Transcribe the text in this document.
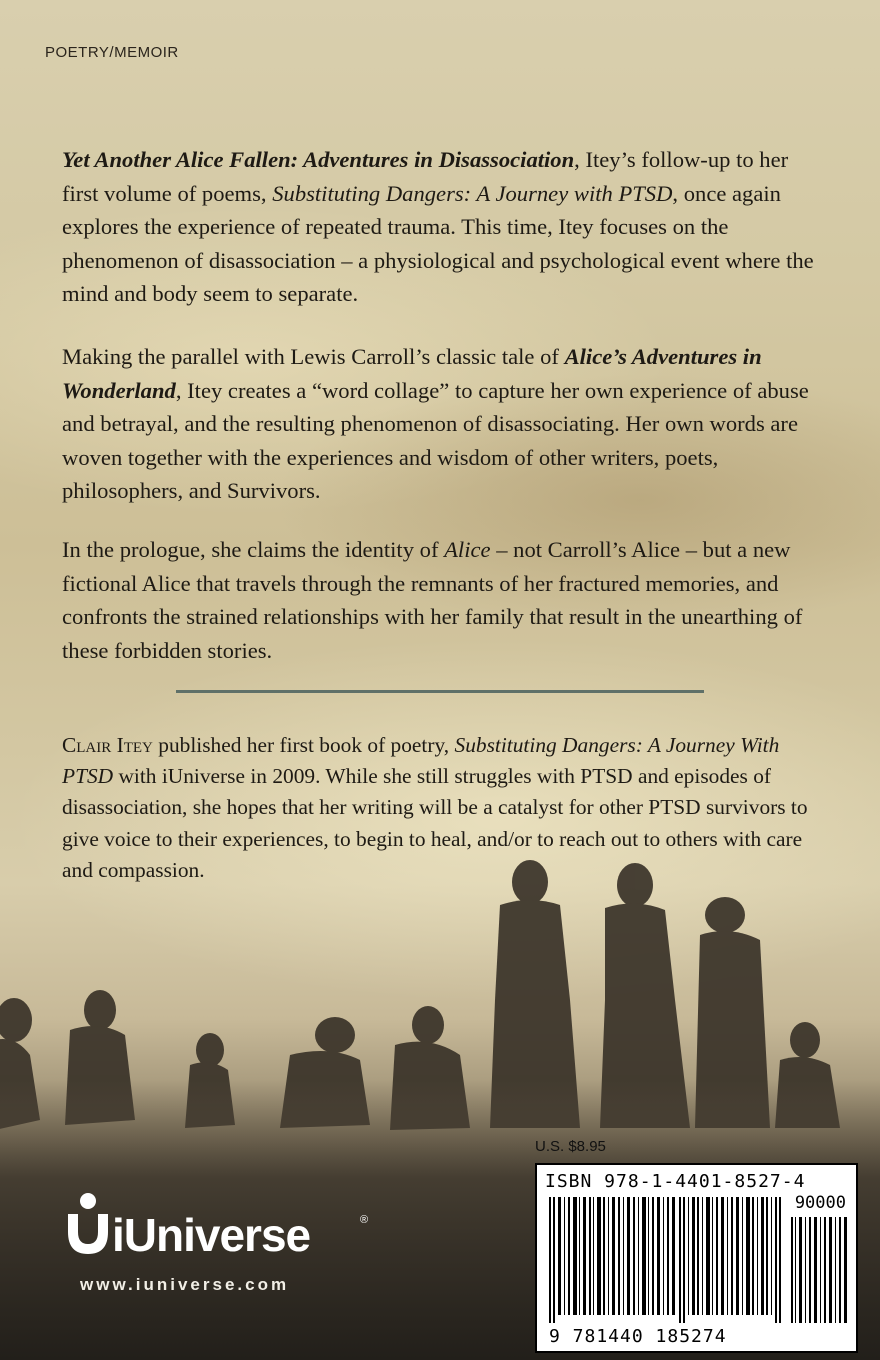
POETRY/MEMOIR

Yet Another Alice Fallen: Adventures in Disassociation, Itey’s follow-up to her first volume of poems, Substituting Dangers: A Journey with PTSD, once again explores the experience of repeated trauma. This time, Itey focuses on the phenomenon of disassociation – a physiological and psychological event where the mind and body seem to separate.

Making the parallel with Lewis Carroll’s classic tale of Alice’s Adventures in Wonderland, Itey creates a “word collage” to capture her own experience of abuse and betrayal, and the resulting phenomenon of disassociating. Her own words are woven together with the experiences and wisdom of other writers, poets, philosophers, and Survivors.

In the prologue, she claims the identity of Alice – not Carroll’s Alice – but a new fictional Alice that travels through the remnants of her fractured memories, and confronts the strained relationships with her family that result in the unearthing of these forbidden stories.

Clair Itey published her first book of poetry, Substituting Dangers: A Journey With PTSD with iUniverse in 2009. While she still struggles with PTSD and episodes of disassociation, she hopes that her writing will be a catalyst for other PTSD survivors to give voice to their experiences, to begin to heal, and/or to reach out to others with care and compassion.

U.S. $8.95
ISBN 978-1-4401-8527-4
90000
9 781440 185274
iUniverse	®
www.iuniverse.com
